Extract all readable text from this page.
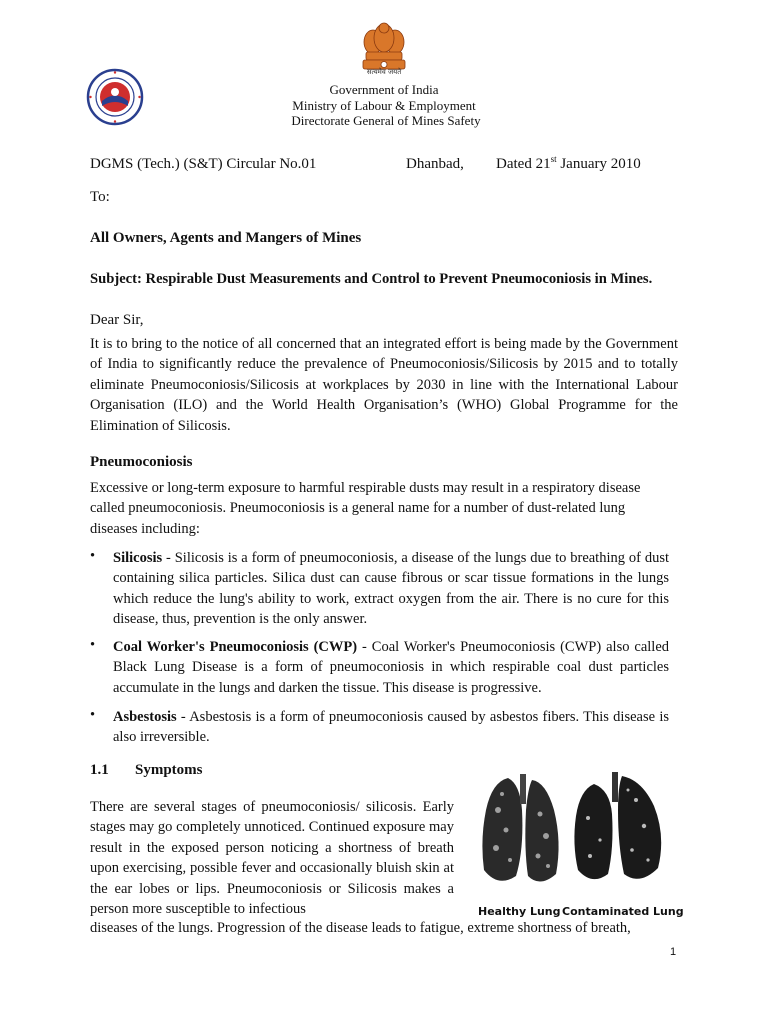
सत्यमेव जयते
Government of India
Ministry of Labour & Employment
Directorate General of Mines Safety
DGMS (Tech.) (S&T) Circular No.01	Dhanbad, Dated 21st January 2010
To:
All Owners, Agents and Mangers of Mines
Subject: Respirable Dust Measurements and Control to Prevent Pneumoconiosis in Mines.
Dear Sir,
It is to bring to the notice of all concerned that an integrated effort is being made by the Government of India to significantly reduce the prevalence of Pneumoconiosis/Silicosis by 2015 and to totally eliminate Pneumoconiosis/Silicosis at workplaces by 2030 in line with the International Labour Organisation (ILO) and the World Health Organisation’s (WHO) Global Programme for the Elimination of Silicosis.
Pneumoconiosis
Excessive or long-term exposure to harmful respirable dusts may result in a respiratory disease called pneumoconiosis. Pneumoconiosis is a general name for a number of dust-related lung diseases including:
• Silicosis - Silicosis is a form of pneumoconiosis, a disease of the lungs due to breathing of dust containing silica particles. Silica dust can cause fibrous or scar tissue formations in the lungs which reduce the lung's ability to work, extract oxygen from the air. There is no cure for this disease, thus, prevention is the only answer.
• Coal Worker's Pneumoconiosis (CWP) - Coal Worker's Pneumoconiosis (CWP) also called Black Lung Disease is a form of pneumoconiosis in which respirable coal dust particles accumulate in the lungs and darken the tissue. This disease is progressive.
• Asbestosis - Asbestosis is a form of pneumoconiosis caused by asbestos fibers. This disease is also irreversible.
1.1 Symptoms
There are several stages of pneumoconiosis/ silicosis. Early stages may go completely unnoticed. Continued exposure may result in the exposed person noticing a shortness of breath upon exercising, possible fever and occasionally bluish skin at the ear lobes or lips. Pneumoconiosis or Silicosis makes a person more susceptible to infectious	Healthy Lung Contaminated Lung
diseases of the lungs. Progression of the disease leads to fatigue, extreme shortness of breath,
1
